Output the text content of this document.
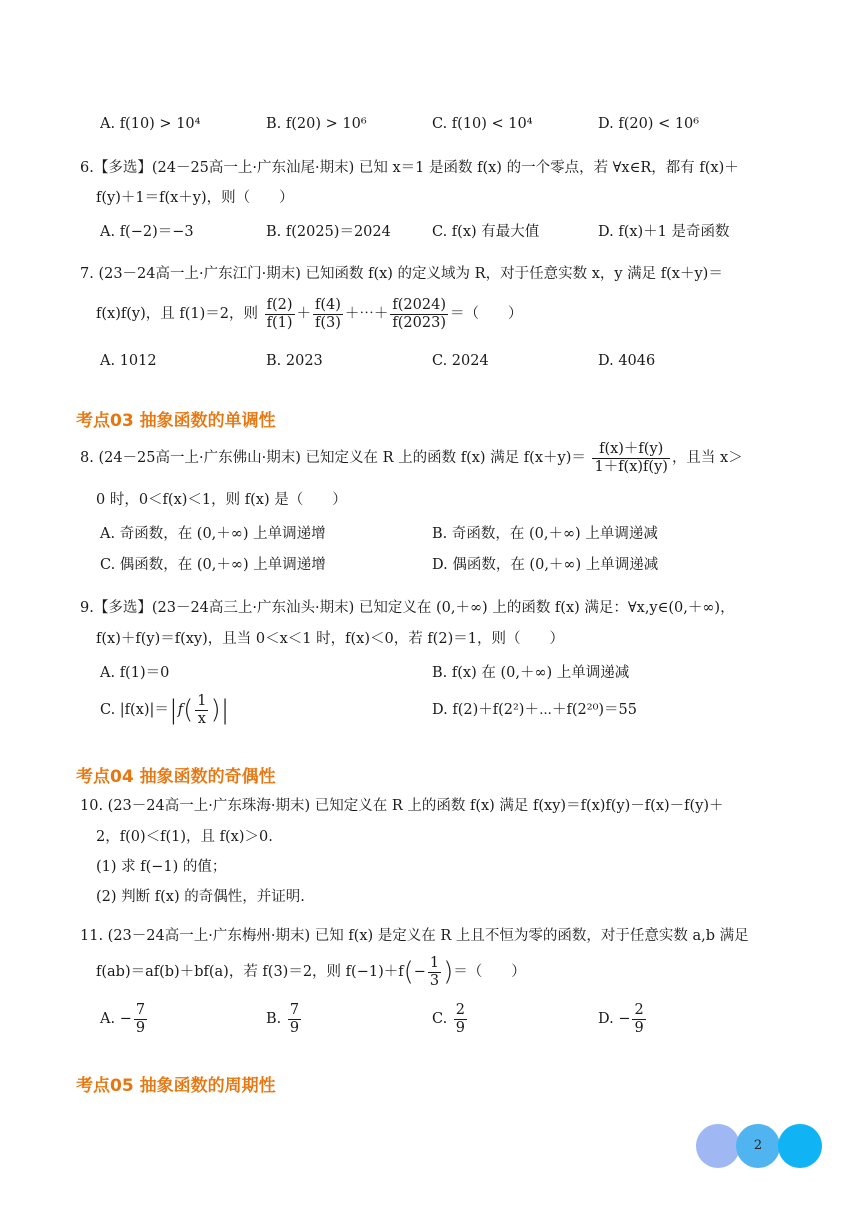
A. f(10) > 10⁴	B. f(20) > 10⁶	C. f(10) < 10⁴	D. f(20) < 10⁶
6.【多选】(24－25高一上·广东汕尾·期末) 已知 x＝1 是函数 f(x) 的一个零点，若 ∀x∈R，都有 f(x)＋
f(y)＋1＝f(x＋y)，则（　　）
A. f(−2)＝−3	B. f(2025)＝2024	C. f(x) 有最大值	D. f(x)＋1 是奇函数
7. (23－24高一上·广东江门·期末) 已知函数 f(x) 的定义域为 R，对于任意实数 x，y 满足 f(x＋y)＝
f(x)f(y)，且 f(1)＝2，则 $\frac{f(2)}{f(1)} + \frac{f(4)}{f(3)}$ ＋⋯＋ $\frac{f(2024)}{f(2023)}$ ＝（　　）
A. 1012	B. 2023	C. 2024	D. 4046
考点03 抽象函数的单调性
8. (24－25高一上·广东佛山·期末) 已知定义在 R 上的函数 f(x) 满足 $f(x+y)= \frac{f(x)+f(y)}{1+f(x)f(y)}$ ，且当 x＞
0 时，0＜f(x)＜1，则 f(x) 是（　　）
A. 奇函数，在 (0,＋∞) 上单调递增	B. 奇函数，在 (0,＋∞) 上单调递减
C. 偶函数，在 (0,＋∞) 上单调递增	D. 偶函数，在 (0,＋∞) 上单调递减
9.【多选】(23－24高三上·广东汕头·期末) 已知定义在 (0,＋∞) 上的函数 f(x) 满足：∀x,y∈(0,＋∞)，
f(x)＋f(y)＝f(xy)，且当 0＜x＜1 时，f(x)＜0，若 f(2)＝1，则（　　）
A. f(1)＝0	B. f(x) 在 (0,＋∞) 上单调递减
C. $|f(x)|=|f( \frac{1}{x}$ )|	D. f(2)＋f(2²)＋⋯＋f(2²⁰)＝55
考点04 抽象函数的奇偶性
10. (23－24高一上·广东珠海·期末) 已知定义在 R 上的函数 f(x) 满足 f(xy)＝f(x)f(y)－f(x)－f(y)＋
2，f(0)＜f(1)，且 f(x)＞0.
(1) 求 f(−1) 的值；
(2) 判断 f(x) 的奇偶性，并证明.
11. (23－24高一上·广东梅州·期末) 已知 f(x) 是定义在 R 上且不恒为零的函数，对于任意实数 a,b 满足
f(ab)＝af(b)＋bf(a)，若 f(3)＝2，则 $f(-1)+f(- \frac{1}{3}$ )＝（　　）
A. − $\frac{7}{9}$	B. $\frac{7}{9}$	C. $\frac{2}{9}$	D. − $\frac{2}{9}$
考点05 抽象函数的周期性
2
